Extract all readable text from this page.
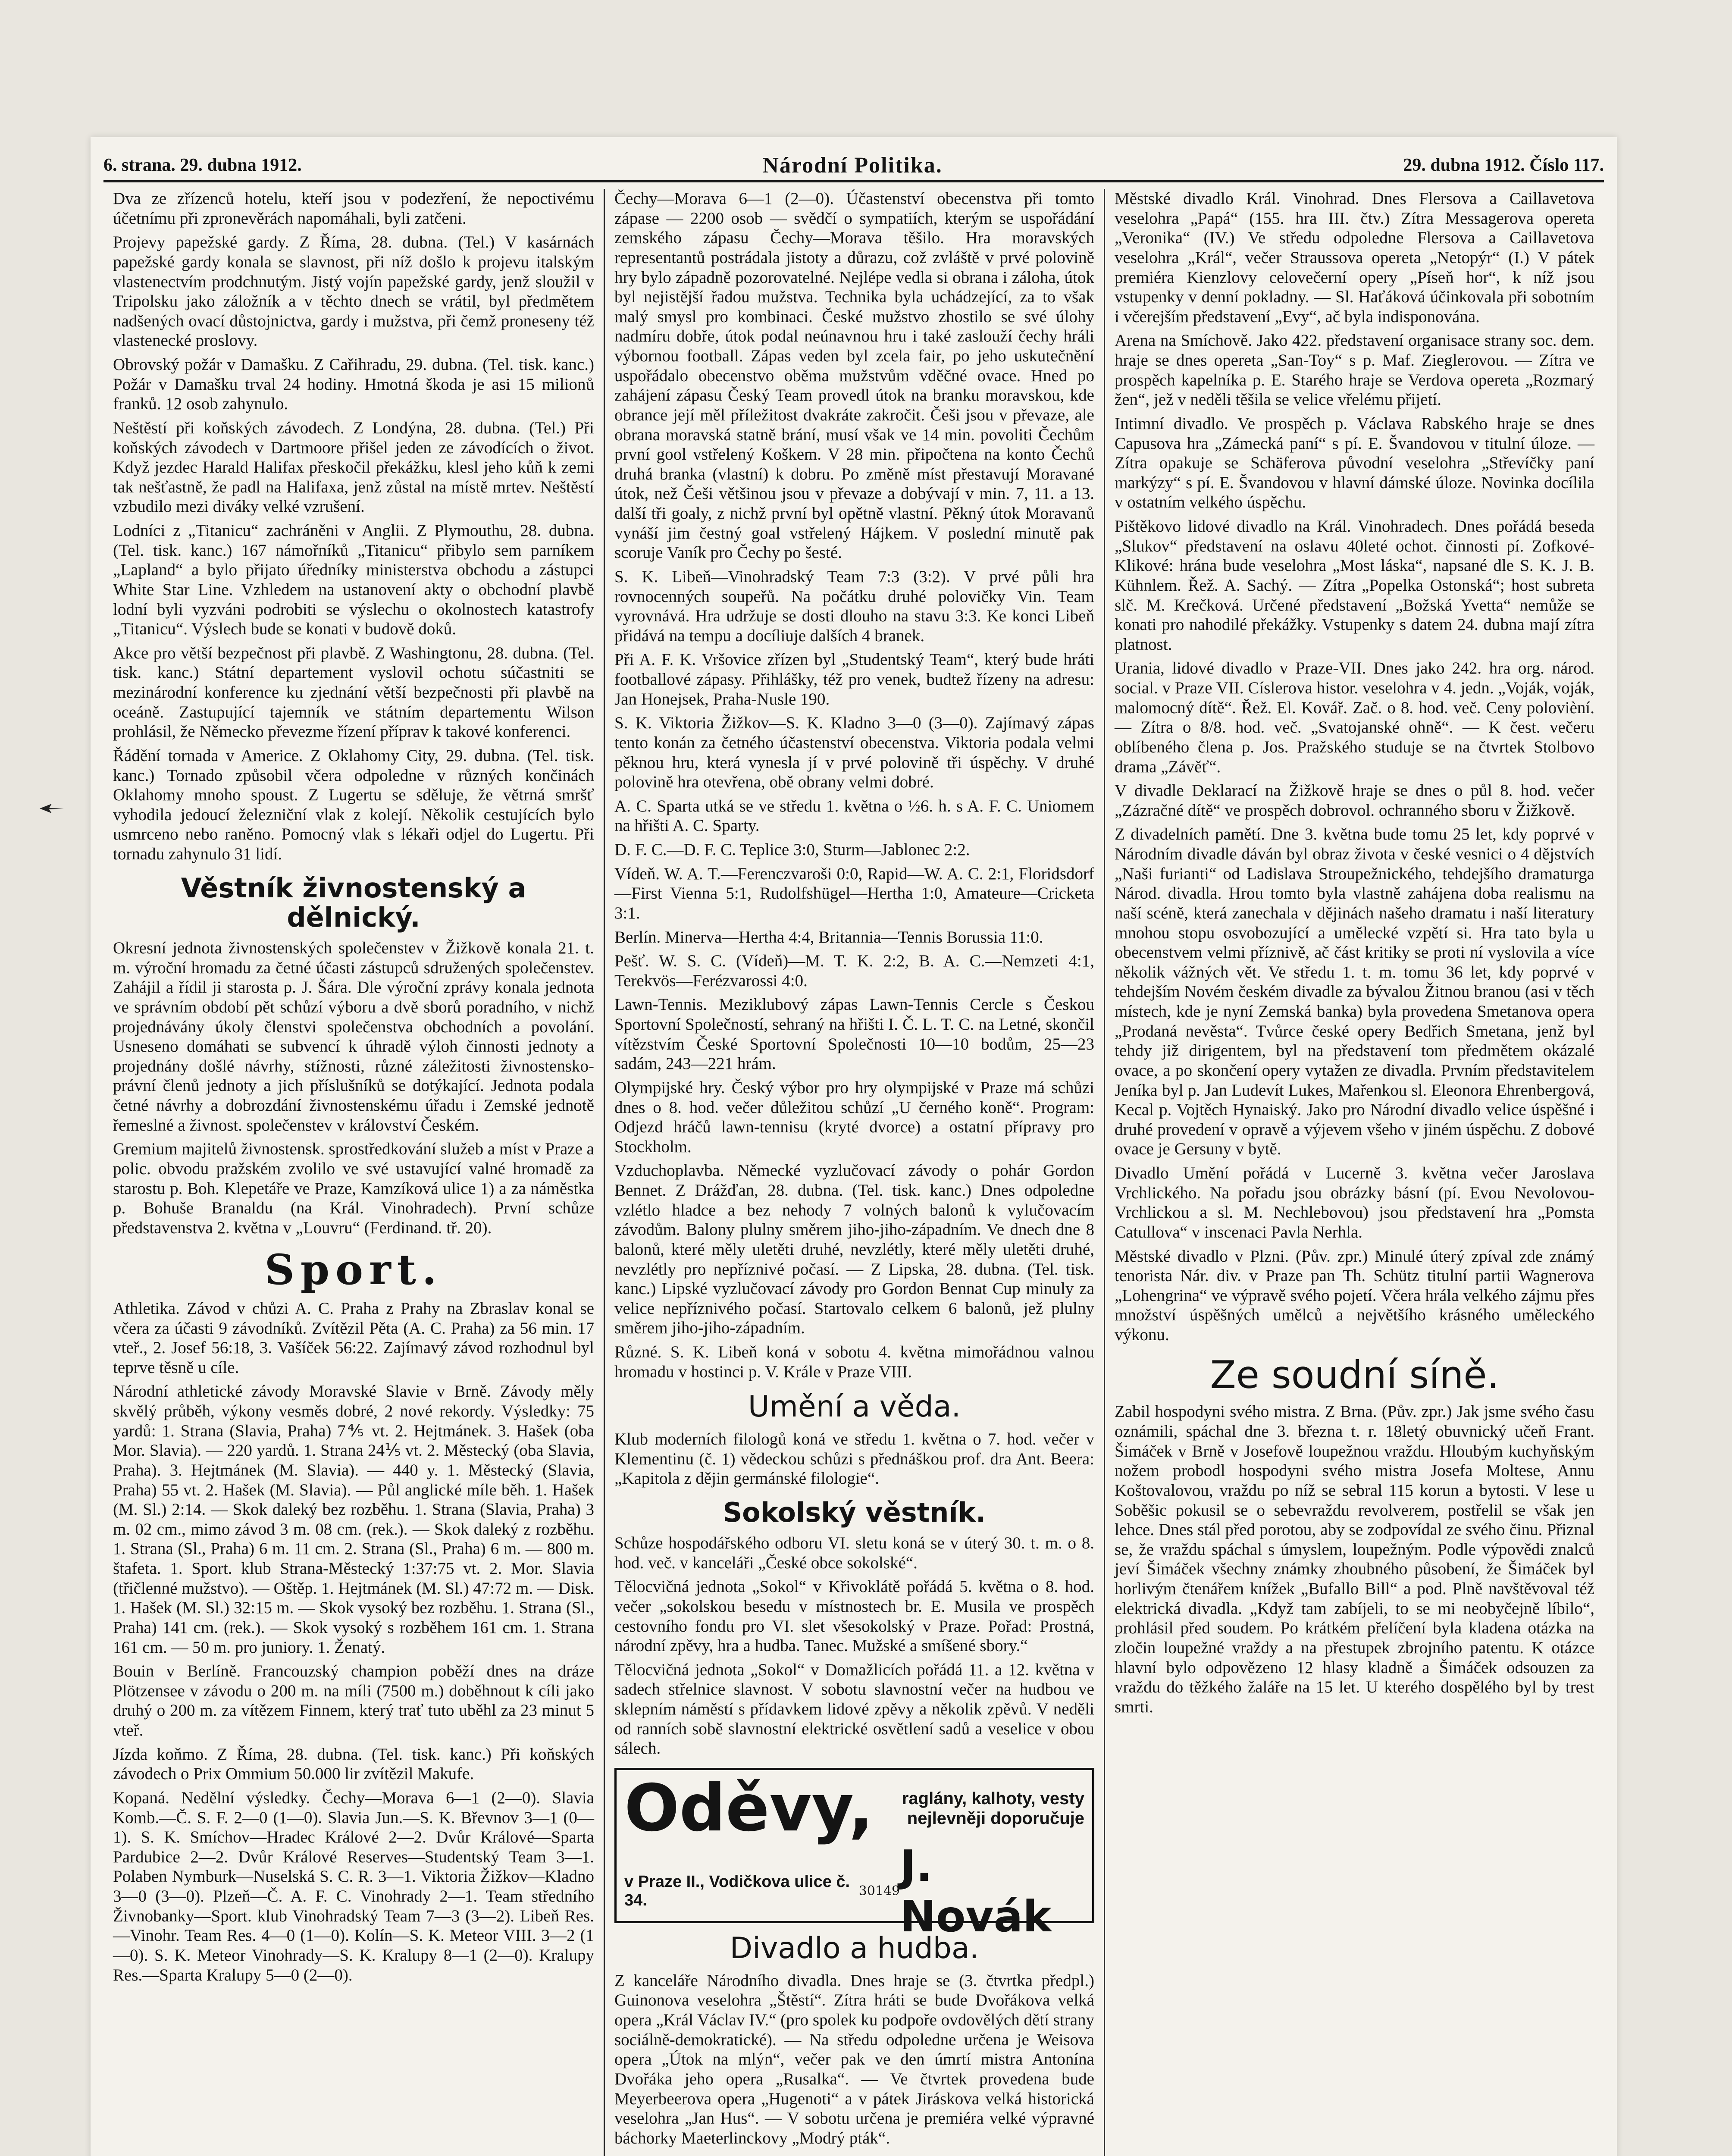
6. strana. 29. dubna 1912.	Národní Politika.	29. dubna 1912. Číslo 117.

Dva ze zřízenců hotelu, kteří jsou v podezření, že nepoctivému účetnímu při zpronevěrách napomáhali, byli zatčeni.

Projevy papežské gardy. Z Říma, 28. dubna. (Tel.) V kasárnách papežské gardy konala se slavnost, při níž došlo k projevu italským vlastenectvím prodchnutým. Jistý vojín papežské gardy, jenž sloužil v Tripolsku jako záložník a v těchto dnech se vrátil, byl předmětem nadšených ovací důstojnictva, gardy i mužstva, při čemž proneseny též vlastenecké proslovy.

Obrovský požár v Damašku. Z Cařihradu, 29. dubna. (Tel. tisk. kanc.) Požár v Damašku trval 24 hodiny. Hmotná škoda je asi 15 milionů franků. 12 osob zahynulo.

Neštěstí při koňských závodech. Z Londýna, 28. dubna. (Tel.) Při koňských závodech v Dartmoore přišel jeden ze závodících o život. Když jezdec Harald Halifax přeskočil překážku, klesl jeho kůň k zemi tak nešťastně, že padl na Halifaxa, jenž zůstal na místě mrtev. Neštěstí vzbudilo mezi diváky velké vzrušení.

Lodníci z „Titanicu“ zachráněni v Anglii. Z Plymouthu, 28. dubna. (Tel. tisk. kanc.) 167 námořníků „Titanicu“ přibylo sem parníkem „Lapland“ a bylo přijato úředníky ministerstva obchodu a zástupci White Star Line. Vzhledem na ustanovení akty o obchodní plavbě lodní byli vyzváni podrobiti se výslechu o okolnostech katastrofy „Titanicu“. Výslech bude se konati v budově doků.

Akce pro větší bezpečnost při plavbě. Z Washingtonu, 28. dubna. (Tel. tisk. kanc.) Státní departement vyslovil ochotu súčastniti se mezinárodní konference ku zjednání větší bezpečnosti při plavbě na oceáně. Zastupující tajemník ve státním departementu Wilson prohlásil, že Německo převezme řízení příprav k takové konferenci.

Řádění tornada v Americe. Z Oklahomy City, 29. dubna. (Tel. tisk. kanc.) Tornado způsobil včera odpoledne v různých končinách Oklahomy mnoho spoust. Z Lugertu se sděluje, že větrná smršť vyhodila jedoucí železniční vlak z kolejí. Několik cestujících bylo usmrceno nebo raněno. Pomocný vlak s lékaři odjel do Lugertu. Při tornadu zahynulo 31 lidí.

Věstník živnostenský a dělnický.

Okresní jednota živnostenských společenstev v Žižkově konala 21. t. m. výroční hromadu za četné účasti zástupců sdružených společenstev. Zahájil a řídil ji starosta p. J. Šára. Dle výroční zprávy konala jednota ve správním období pět schůzí výboru a dvě sborů poradního, v nichž projednávány úkoly členstvi společenstva obchodních a povolání. Usneseno domáhati se subvencí k úhradě výloh činnosti jednoty a projednány došlé návrhy, stížnosti, různé záležitosti živnostensko-právní členů jednoty a jich příslušníků se dotýkající. Jednota podala četné návrhy a dobrozdání živnostenskému úřadu i Zemské jednotě řemeslné a živnost. společenstev v království Českém.

Gremium majitelů živnostensk. sprostředkování služeb a míst v Praze a polic. obvodu pražském zvolilo ve své ustavující valné hromadě za starostu p. Boh. Klepetáře ve Praze, Kamzíková ulice 1) a za náměstka p. Bohuše Branaldu (na Král. Vinohradech). První schůze představenstva 2. května v „Louvru“ (Ferdinand. tř. 20).

Sport.

Athletika. Závod v chůzi A. C. Praha z Prahy na Zbraslav konal se včera za účasti 9 závodníků. Zvítězil Pěta (A. C. Praha) za 56 min. 17 vteř., 2. Josef 56:18, 3. Vašíček 56:22. Zajímavý závod rozhodnul byl teprve těsně u cíle.

Národní athletické závody Moravské Slavie v Brně. Závody měly skvělý průběh, výkony vesměs dobré, 2 nové rekordy. Výsledky: 75 yardů: 1. Strana (Slavia, Praha) 7⅘ vt. 2. Hejtmánek. 3. Hašek (oba Mor. Slavia). — 220 yardů. 1. Strana 24⅕ vt. 2. Městecký (oba Slavia, Praha). 3. Hejtmánek (M. Slavia). — 440 y. 1. Městecký (Slavia, Praha) 55 vt. 2. Hašek (M. Slavia). — Půl anglické míle běh. 1. Hašek (M. Sl.) 2:14. — Skok daleký bez rozběhu. 1. Strana (Slavia, Praha) 3 m. 02 cm., mimo závod 3 m. 08 cm. (rek.). — Skok daleký z rozběhu. 1. Strana (Sl., Praha) 6 m. 11 cm. 2. Strana (Sl., Praha) 6 m. — 800 m. štafeta. 1. Sport. klub Strana-Městecký 1:37:75 vt. 2. Mor. Slavia (třičlenné mužstvo). — Oštěp. 1. Hejtmánek (M. Sl.) 47:72 m. — Disk. 1. Hašek (M. Sl.) 32:15 m. — Skok vysoký bez rozběhu. 1. Strana (Sl., Praha) 141 cm. (rek.). — Skok vysoký s rozběhem 161 cm. 1. Strana 161 cm. — 50 m. pro juniory. 1. Ženatý.

Bouin v Berlíně. Francouzský champion poběží dnes na dráze Plötzensee v závodu o 200 m. na míli (7500 m.) doběhnout k cíli jako druhý o 200 m. za vítězem Finnem, který trať tuto uběhl za 23 minut 5 vteř.

Jízda koňmo. Z Říma, 28. dubna. (Tel. tisk. kanc.) Při koňských závodech o Prix Ommium 50.000 lir zvítězil Makufe.

Kopaná. Nedělní výsledky. Čechy—Morava 6—1 (2—0). Slavia Komb.—Č. S. F. 2—0 (1—0). Slavia Jun.—S. K. Břevnov 3—1 (0—1). S. K. Smíchov—Hradec Králové 2—2. Dvůr Králové—Sparta Pardubice 2—2. Dvůr Králové Reserves—Studentský Team 3—1. Polaben Nymburk—Nuselská S. C. R. 3—1. Viktoria Žižkov—Kladno 3—0 (3—0). Plzeň—Č. A. F. C. Vinohrady 2—1. Team středního Živnobanky—Sport. klub Vinohradský Team 7—3 (3—2). Libeň Res.—Vinohr. Team Res. 4—0 (1—0). Kolín—S. K. Meteor VIII. 3—2 (1—0). S. K. Meteor Vinohrady—S. K. Kralupy 8—1 (2—0). Kralupy Res.—Sparta Kralupy 5—0 (2—0).

Čechy—Morava 6—1 (2—0). Účastenství obecenstva při tomto zápase — 2200 osob — svědčí o sympatiích, kterým se uspořádání zemského zápasu Čechy—Morava těšilo. Hra moravských representantů postrádala jistoty a důrazu, což zvláště v prvé polovině hry bylo západně pozorovatelné. Nejlépe vedla si obrana i záloha, útok byl nejistější řadou mužstva. Technika byla uchádzející, za to však malý smysl pro kombinaci. České mužstvo zhostilo se své úlohy nadmíru dobře, útok podal neúnavnou hru i také zaslouží čechy hráli výbornou football. Zápas veden byl zcela fair, po jeho uskutečnění uspořádalo obecenstvo oběma mužstvům vděčné ovace. Hned po zahájení zápasu Český Team provedl útok na branku moravskou, kde obrance její měl příležitost dvakráte zakročit. Češi jsou v převaze, ale obrana moravská statně brání, musí však ve 14 min. povoliti Čechům první gool vstřelený Koškem. V 28 min. připočtena na konto Čechů druhá branka (vlastní) k dobru. Po změně míst přestavují Moravané útok, než Češi většinou jsou v převaze a dobývají v min. 7, 11. a 13. další tři goaly, z nichž první byl opětně vlastní. Pěkný útok Moravanů vynáší jim čestný goal vstřelený Hájkem. V poslední minutě pak scoruje Vaník pro Čechy po šesté.

S. K. Libeň—Vinohradský Team 7:3 (3:2). V prvé půli hra rovnocenných soupeřů. Na počátku druhé polovičky Vin. Team vyrovnává. Hra udržuje se dosti dlouho na stavu 3:3. Ke konci Libeň přidává na tempu a docíliuje dalších 4 branek.

Při A. F. K. Vršovice zřízen byl „Studentský Team“, který bude hráti footballové zápasy. Přihlášky, též pro venek, budtež řízeny na adresu: Jan Honejsek, Praha-Nusle 190.

S. K. Viktoria Žižkov—S. K. Kladno 3—0 (3—0). Zajímavý zápas tento konán za četného účastenství obecenstva. Viktoria podala velmi pěknou hru, která vynesla jí v prvé polovině tři úspěchy. V druhé polovině hra otevřena, obě obrany velmi dobré.

A. C. Sparta utká se ve středu 1. května o ½6. h. s A. F. C. Uniomem na hřišti A. C. Sparty.

D. F. C.—D. F. C. Teplice 3:0, Sturm—Jablonec 2:2.

Vídeň. W. A. T.—Ferenczvaroši 0:0, Rapid—W. A. C. 2:1, Floridsdorf—First Vienna 5:1, Rudolfshügel—Hertha 1:0, Amateure—Cricketa 3:1.

Berlín. Minerva—Hertha 4:4, Britannia—Tennis Borussia 11:0.

Pešť. W. S. C. (Vídeň)—M. T. K. 2:2, B. A. C.—Nemzeti 4:1, Terekvös—Ferézvarossi 4:0.

Lawn-Tennis. Meziklubový zápas Lawn-Tennis Cercle s Českou Sportovní Společností, sehraný na hřišti I. Č. L. T. C. na Letné, skončil vítězstvím České Sportovní Společnosti 10—10 bodům, 25—23 sadám, 243—221 hrám.

Olympijské hry. Český výbor pro hry olympijské v Praze má schůzi dnes o 8. hod. večer důležitou schůzí „U černého koně“. Program: Odjezd hráčů lawn-tennisu (kryté dvorce) a ostatní přípravy pro Stockholm.

Vzduchoplavba. Německé vyzlučovací závody o pohár Gordon Bennet. Z Drážďan, 28. dubna. (Tel. tisk. kanc.) Dnes odpoledne vzlétlo hladce a bez nehody 7 volných balonů k vylučovacím závodům. Balony plulny směrem jiho-jiho-západním. Ve dnech dne 8 balonů, které měly uletěti druhé, nevzlétly, které měly uletěti druhé, nevzlétly pro nepříznivé počasí. — Z Lipska, 28. dubna. (Tel. tisk. kanc.) Lipské vyzlučovací závody pro Gordon Bennat Cup minuly za velice nepříznivého počasí. Startovalo celkem 6 balonů, jež plulny směrem jiho-jiho-západním.

Různé. S. K. Libeň koná v sobotu 4. května mimořádnou valnou hromadu v hostinci p. V. Krále v Praze VIII.

Umění a věda.

Klub moderních filologů koná ve středu 1. května o 7. hod. večer v Klementinu (č. 1) vědeckou schůzi s přednáškou prof. dra Ant. Beera: „Kapitola z dějin germánské filologie“.

Sokolský věstník.

Schůze hospodářského odboru VI. sletu koná se v úterý 30. t. m. o 8. hod. več. v kanceláři „České obce sokolské“.

Tělocvičná jednota „Sokol“ v Křivoklátě pořádá 5. května o 8. hod. večer „sokolskou besedu v místnostech br. E. Musila ve prospěch cestovního fondu pro VI. slet všesokolský v Praze. Pořad: Prostná, národní zpěvy, hra a hudba. Tanec. Mužské a smíšené sbory.“

Tělocvičná jednota „Sokol“ v Domažlicích pořádá 11. a 12. května v sadech střelnice slavnost. V sobotu slavnostní večer na hudbou ve sklepním náměstí s přídavkem lidové zpěvy a několik zpěvů. V neděli od ranních sobě slavnostní elektrické osvětlení sadů a veselice v obou sálech.

Oděvy,	raglány, kalhoty, vesty nejlevněji doporučuje
v Praze II., Vodičkova ulice č. 34.	30149 J. Novák
Divadlo a hudba.

Z kanceláře Národního divadla. Dnes hraje se (3. čtvrtka předpl.) Guinonova veselohra „Štěstí“. Zítra hráti se bude Dvořákova velká opera „Král Václav IV.“ (pro spolek ku podpoře ovdovělých dětí strany sociálně-demokratické). — Na středu odpoledne určena je Weisova opera „Útok na mlýn“, večer pak ve den úmrtí mistra Antonína Dvořáka jeho opera „Rusalka“. — Ve čtvrtek provedena bude Meyerbeerova opera „Hugenoti“ a v pátek Jiráskova velká historická veselohra „Jan Hus“. — V sobotu určena je premiéra velké výpravné báchorky Maeterlinckovy „Modrý pták“.

Městské divadlo Král. Vinohrad. Dnes Flersova a Caillavetova veselohra „Papá“ (155. hra III. čtv.) Zítra Messagerova opereta „Veronika“ (IV.) Ve středu odpoledne Flersova a Caillavetova veselohra „Král“, večer Straussova opereta „Netopýr“ (I.) V pátek premiéra Kienzlovy celovečerní opery „Píseň hor“, k níž jsou vstupenky v denní pokladny. — Sl. Haťáková účinkovala při sobotním i včerejším představení „Evy“, ač byla indisponována.

Arena na Smíchově. Jako 422. představení organisace strany soc. dem. hraje se dnes opereta „San-Toy“ s p. Maf. Zieglerovou. — Zítra ve prospěch kapelníka p. E. Starého hraje se Verdova opereta „Rozmarý žen“, jež v neděli těšila se velice vřelému přijetí.

Intimní divadlo. Ve prospěch p. Václava Rabského hraje se dnes Capusova hra „Zámecká paní“ s pí. E. Švandovou v titulní úloze. — Zítra opakuje se Schäferova původní veselohra „Střevíčky paní markýzy“ s pí. E. Švandovou v hlavní dámské úloze. Novinka docílila v ostatním velkého úspěchu.

Pištěkovo lidové divadlo na Král. Vinohradech. Dnes pořádá beseda „Slukov“ představení na oslavu 40leté ochot. činnosti pí. Zofkové-Klikové: hrána bude veselohra „Most láska“, napsané dle S. K. J. B. Kühnlem. Řež. A. Sachý. — Zítra „Popelka Ostonská“; host subreta slč. M. Krečková. Určené představení „Božská Yvetta“ nemůže se konati pro nahodilé překážky. Vstupenky s datem 24. dubna mají zítra platnost.

Urania, lidové divadlo v Praze-VII. Dnes jako 242. hra org. národ. social. v Praze VII. Císlerova histor. veselohra v 4. jedn. „Voják, voják, malomocný dítě“. Řež. El. Kovář. Zač. o 8. hod. več. Ceny polovièní. — Zítra o 8/8. hod. več. „Svatojanské ohně“. — K čest. večeru oblíbeného člena p. Jos. Pražského studuje se na čtvrtek Stolbovo drama „Závěť“.

V divadle Deklarací na Žižkově hraje se dnes o půl 8. hod. večer „Zázračné dítě“ ve prospěch dobrovol. ochranného sboru v Žižkově.

Z divadelních pamětí. Dne 3. května bude tomu 25 let, kdy poprvé v Národním divadle dáván byl obraz života v české vesnici o 4 dějstvích „Naši furianti“ od Ladislava Stroupežnického, tehdejšího dramaturga Národ. divadla. Hrou tomto byla vlastně zahájena doba realismu na naší scéně, která zanechala v dějinách našeho dramatu i naší literatury mnohou stopu osvobozující a umělecké vzpětí si. Hra tato byla u obecenstvem velmi příznivě, ač část kritiky se proti ní vyslovila a více několik vážných vět. Ve středu 1. t. m. tomu 36 let, kdy poprvé v tehdejším Novém českém divadle za bývalou Žitnou branou (asi v těch místech, kde je nyní Zemská banka) byla provedena Smetanova opera „Prodaná nevěsta“. Tvůrce české opery Bedřich Smetana, jenž byl tehdy již dirigentem, byl na představení tom předmětem okázalé ovace, a po skončení opery vytažen ze divadla. Prvním představitelem Jeníka byl p. Jan Ludevít Lukes, Mařenkou sl. Eleonora Ehrenbergová, Kecal p. Vojtěch Hynaiský. Jako pro Národní divadlo velice úspěšné i druhé provedení v opravě a výjevem všeho v jiném úspěchu. Z dobové ovace je Gersuny v bytě.

Divadlo Umění pořádá v Lucerně 3. května večer Jaroslava Vrchlického. Na pořadu jsou obrázky básní (pí. Evou Nevolovou-Vrchlickou a sl. M. Nechlebovou) jsou představení hra „Pomsta Catullova“ v inscenaci Pavla Nerhla.

Městské divadlo v Plzni. (Pův. zpr.) Minulé úterý zpíval zde známý tenorista Nár. div. v Praze pan Th. Schütz titulní partii Wagnerova „Lohengrina“ ve výpravě svého pojetí. Včera hrála velkého zájmu přes množství úspěšných umělců a největšího krásného uměleckého výkonu.

Ze soudní síně.

Zabil hospodyni svého mistra. Z Brna. (Pův. zpr.) Jak jsme svého času oznámili, spáchal dne 3. března t. r. 18letý obuvnický učeň Frant. Šimáček v Brně v Josefově loupežnou vraždu. Hloubým kuchyňským nožem probodl hospodyni svého mistra Josefa Moltese, Annu Koštovalovou, vraždu po níž se sebral 115 korun a bytosti. V lese u Soběšic pokusil se o sebevraždu revolverem, postřelil se však jen lehce. Dnes stál před porotou, aby se zodpovídal ze svého činu. Přiznal se, že vraždu spáchal s úmyslem, loupežným. Podle výpovědi znalců jeví Šimáček všechny známky zhoubného působení, že Šimáček byl horlivým čtenářem knížek „Bufallo Bill“ a pod. Plně navštěvoval též elektrická divadla. „Když tam zabíjeli, to se mi neobyčejně líbilo“, prohlásil před soudem. Po krátkém přelíčení byla kladena otázka na zločin loupežné vraždy a na přestupek zbrojního patentu. K otázce hlavní bylo odpovězeno 12 hlasy kladně a Šimáček odsouzen za vraždu do těžkého žaláře na 15 let. U kterého dospělého byl by trest smrti.
